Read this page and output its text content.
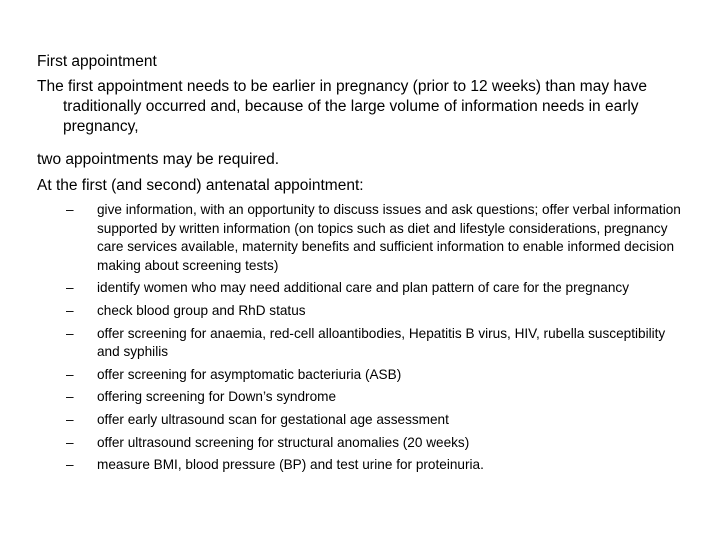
First appointment
The first appointment needs to be earlier in pregnancy (prior to 12 weeks) than may have traditionally occurred and, because of the large volume of information needs in early pregnancy,
two appointments may be required.
At the first (and second) antenatal appointment:
– give information, with an opportunity to discuss issues and ask questions; offer verbal information supported by written information (on topics such as diet and lifestyle considerations, pregnancy care services available, maternity benefits and sufficient information to enable informed decision making about screening tests)
– identify women who may need additional care and plan pattern of care for the pregnancy
– check blood group and RhD status
– offer screening for anaemia, red-cell alloantibodies, Hepatitis B virus, HIV, rubella susceptibility and syphilis
– offer screening for asymptomatic bacteriuria (ASB)
– offering screening for Down’s syndrome
– offer early ultrasound scan for gestational age assessment
– offer ultrasound screening for structural anomalies (20 weeks)
– measure BMI, blood pressure (BP) and test urine for proteinuria.
